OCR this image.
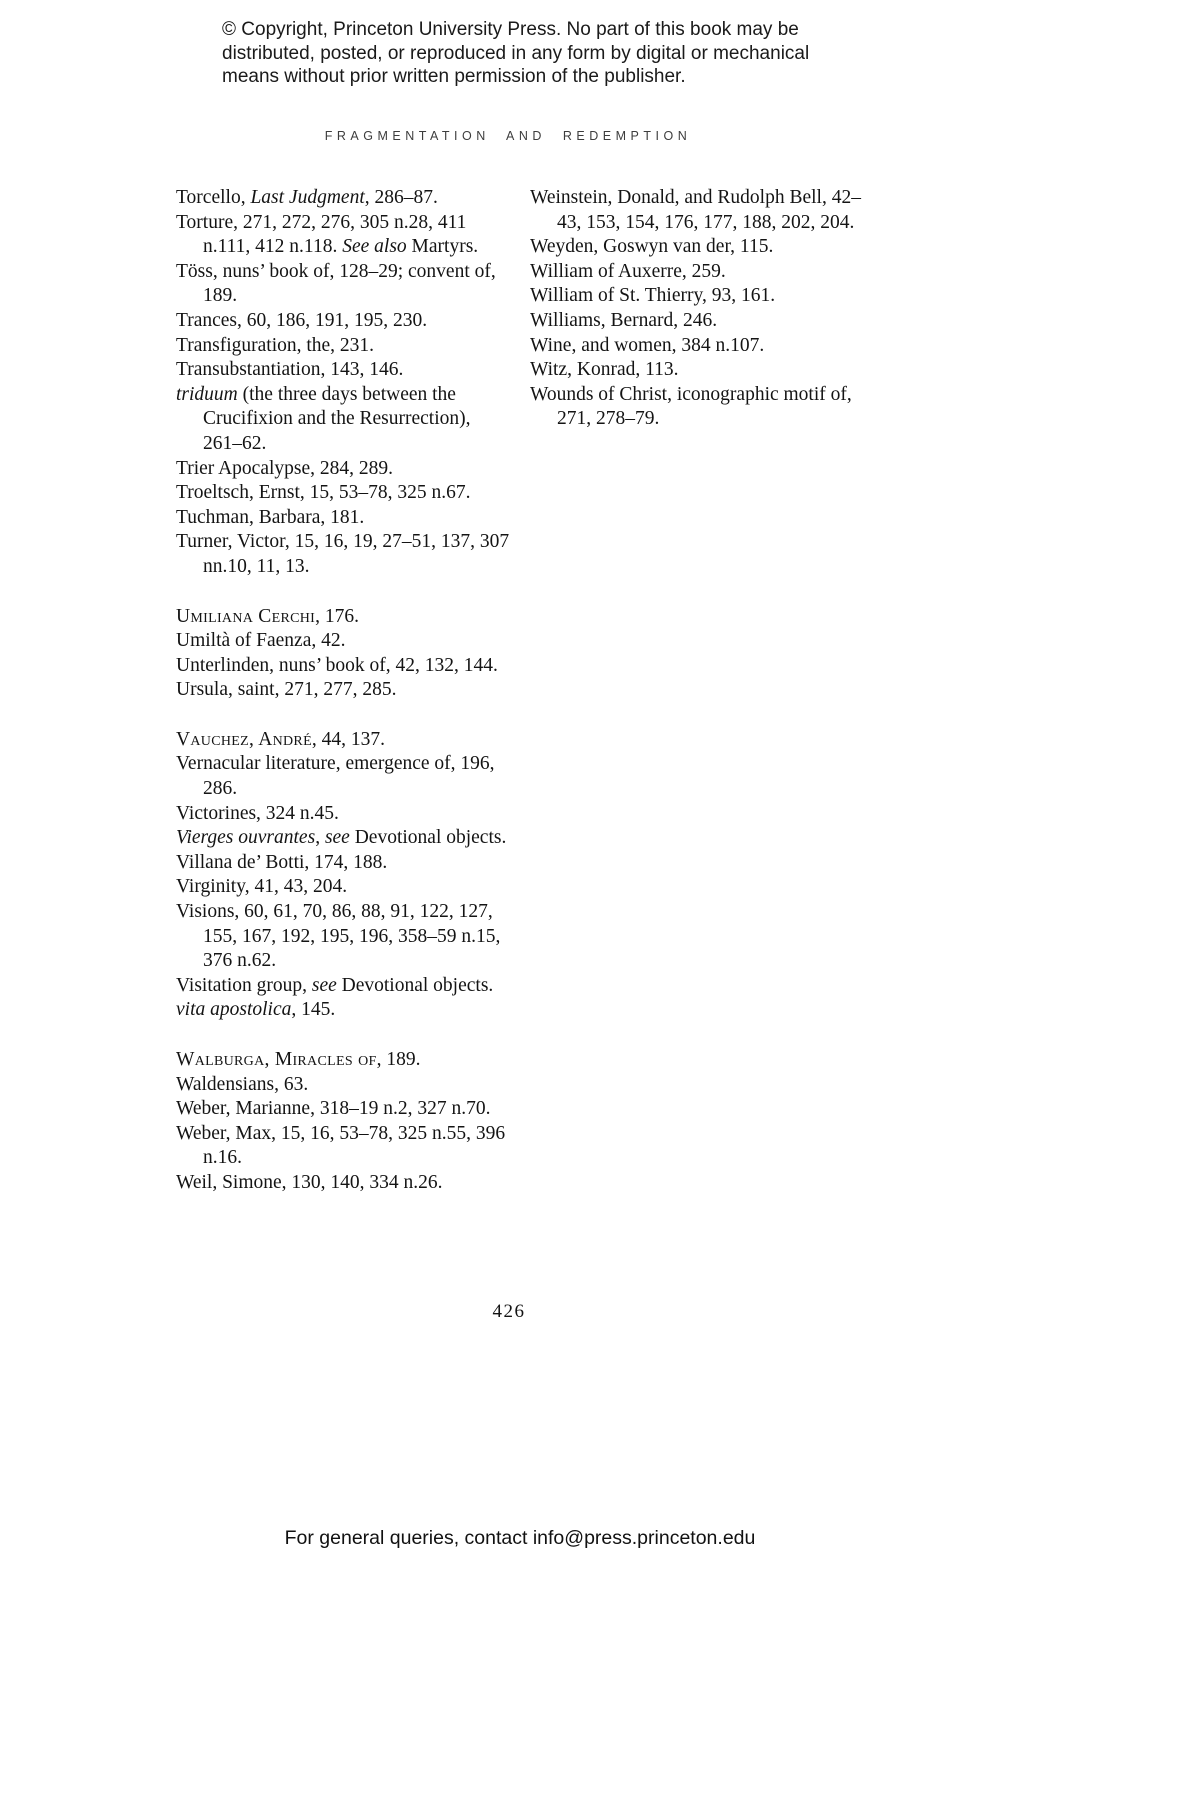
© Copyright, Princeton University Press. No part of this book may be
distributed, posted, or reproduced in any form by digital or mechanical
means without prior written permission of the publisher.
FRAGMENTATION AND REDEMPTION

Torcello, Last Judgment, 286–87.

Torture, 271, 272, 276, 305 n.28, 411 n.111, 412 n.118. See also Martyrs.

Töss, nuns’ book of, 128–29; convent of, 189.

Trances, 60, 186, 191, 195, 230.

Transfiguration, the, 231.

Transubstantiation, 143, 146.

triduum (the three days between the Crucifixion and the Resurrection), 261–62.

Trier Apocalypse, 284, 289.

Troeltsch, Ernst, 15, 53–78, 325 n.67.

Tuchman, Barbara, 181.

Turner, Victor, 15, 16, 19, 27–51, 137, 307 nn.10, 11, 13.

Umiliana Cerchi, 176.

Umiltà of Faenza, 42.

Unterlinden, nuns’ book of, 42, 132, 144.

Ursula, saint, 271, 277, 285.

Vauchez, André, 44, 137.

Vernacular literature, emergence of, 196, 286.

Victorines, 324 n.45.

Vierges ouvrantes, see Devotional objects.

Villana de’ Botti, 174, 188.

Virginity, 41, 43, 204.

Visions, 60, 61, 70, 86, 88, 91, 122, 127, 155, 167, 192, 195, 196, 358–59 n.15, 376 n.62.

Visitation group, see Devotional objects.

vita apostolica, 145.

Walburga, Miracles of, 189.

Waldensians, 63.

Weber, Marianne, 318–19 n.2, 327 n.70.

Weber, Max, 15, 16, 53–78, 325 n.55, 396 n.16.

Weil, Simone, 130, 140, 334 n.26.

Weinstein, Donald, and Rudolph Bell, 42–43, 153, 154, 176, 177, 188, 202, 204.

Weyden, Goswyn van der, 115.

William of Auxerre, 259.

William of St. Thierry, 93, 161.

Williams, Bernard, 246.

Wine, and women, 384 n.107.

Witz, Konrad, 113.

Wounds of Christ, iconographic motif of, 271, 278–79.

426
For general queries, contact info@press.princeton.edu
